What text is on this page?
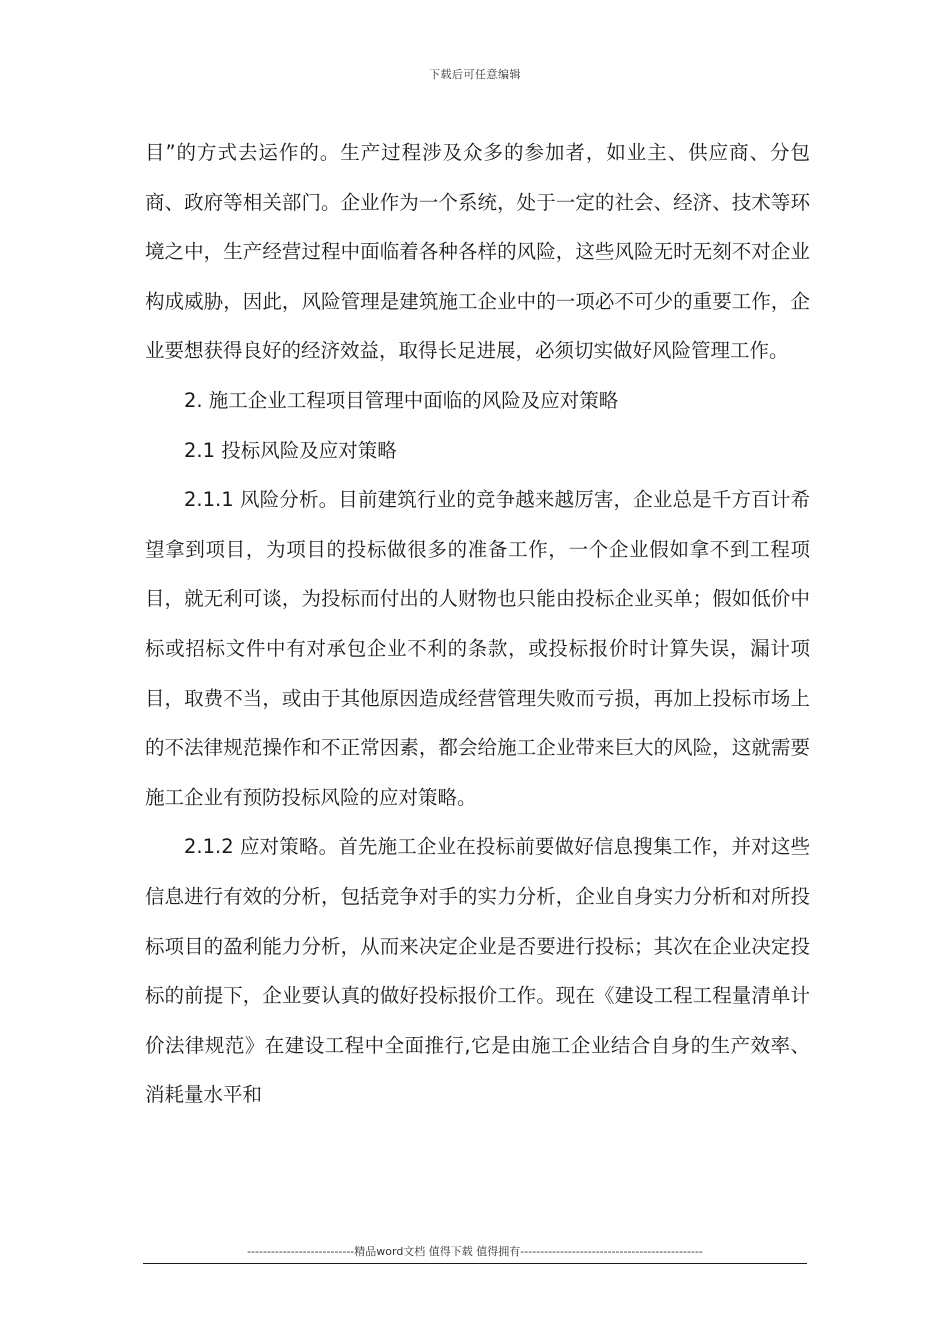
下载后可任意编辑

目”的方式去运作的。生产过程涉及众多的参加者，如业主、供应商、分包商、政府等相关部门。企业作为一个系统，处于一定的社会、经济、技术等环境之中，生产经营过程中面临着各种各样的风险，这些风险无时无刻不对企业构成威胁，因此，风险管理是建筑施工企业中的一项必不可少的重要工作，企业要想获得良好的经济效益，取得长足进展，必须切实做好风险管理工作。

2. 施工企业工程项目管理中面临的风险及应对策略

2.1 投标风险及应对策略

2.1.1 风险分析。目前建筑行业的竞争越来越厉害，企业总是千方百计希望拿到项目，为项目的投标做很多的准备工作，一个企业假如拿不到工程项目，就无利可谈，为投标而付出的人财物也只能由投标企业买单；假如低价中标或招标文件中有对承包企业不利的条款，或投标报价时计算失误，漏计项目，取费不当，或由于其他原因造成经营管理失败而亏损，再加上投标市场上的不法律规范操作和不正常因素，都会给施工企业带来巨大的风险，这就需要施工企业有预防投标风险的应对策略。

2.1.2 应对策略。首先施工企业在投标前要做好信息搜集工作，并对这些信息进行有效的分析，包括竞争对手的实力分析，企业自身实力分析和对所投标项目的盈利能力分析，从而来决定企业是否要进行投标；其次在企业决定投标的前提下，企业要认真的做好投标报价工作。现在《建设工程工程量清单计价法律规范》在建设工程中全面推行,它是由施工企业结合自身的生产效率、消耗量水平和

---------------------------精品word文档 值得下载 值得拥有----------------------------------------------
